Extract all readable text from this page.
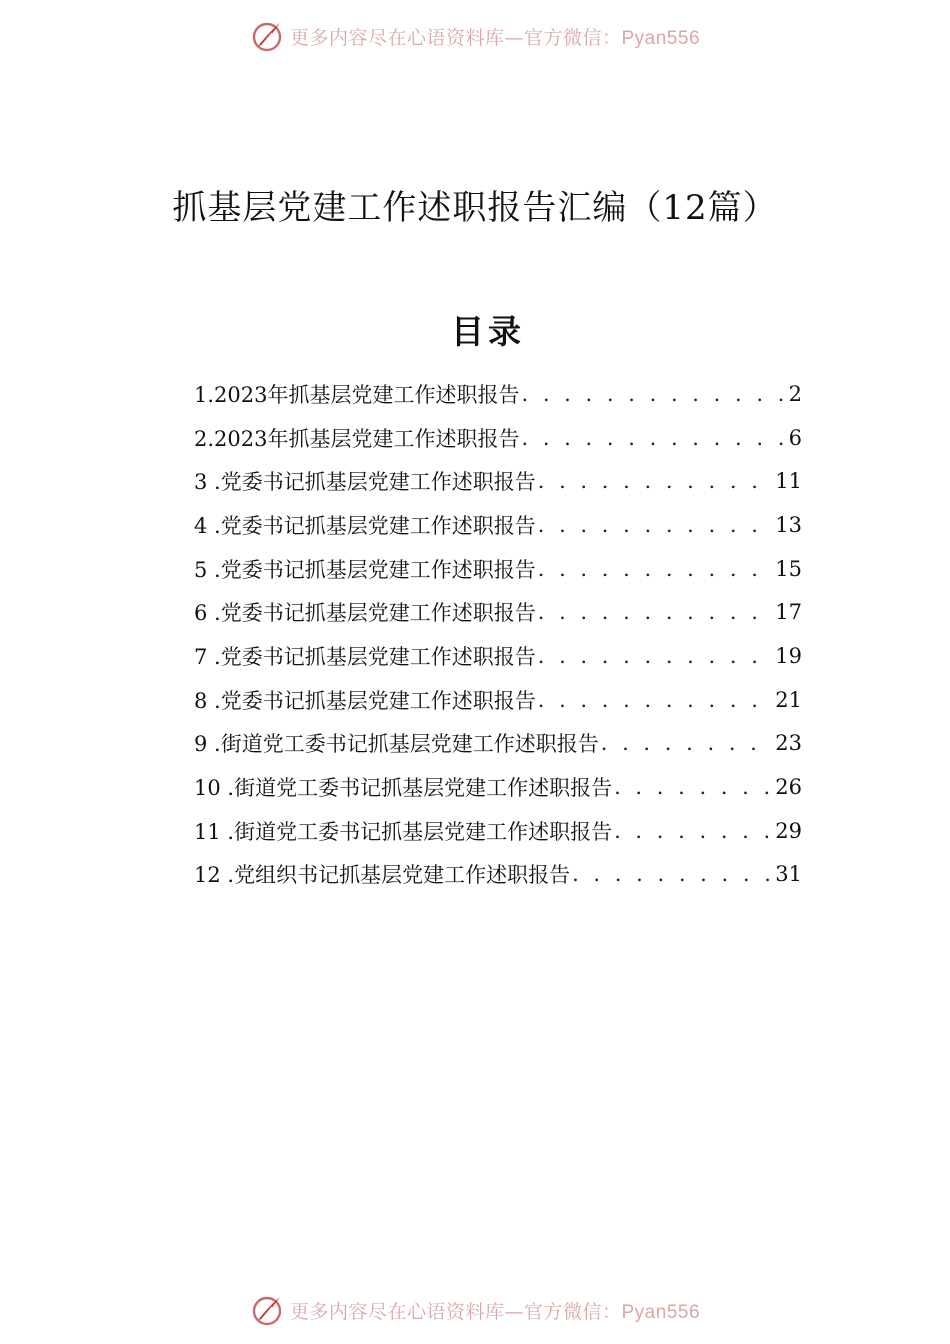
更多内容尽在心语资料库—官方微信：Pyan556
抓基层党建工作述职报告汇编（12篇）
目录
1.2023年抓基层党建工作述职报告 . . .	2
2.2023年抓基层党建工作述职报告 . . .	6
3 .党委书记抓基层党建工作述职报告 . . .	11
4 .党委书记抓基层党建工作述职报告 . . .	13
5 .党委书记抓基层党建工作述职报告 . . .	15
6 .党委书记抓基层党建工作述职报告 . . .	17
7 .党委书记抓基层党建工作述职报告 . . .	19
8 .党委书记抓基层党建工作述职报告 . . .	21
9 .街道党工委书记抓基层党建工作述职报告 . . .	23
10 .街道党工委书记抓基层党建工作述职报告 . . .	26
11 .街道党工委书记抓基层党建工作述职报告 . . .	29
12 .党组织书记抓基层党建工作述职报告 . . .	31
更多内容尽在心语资料库—官方微信：Pyan556
